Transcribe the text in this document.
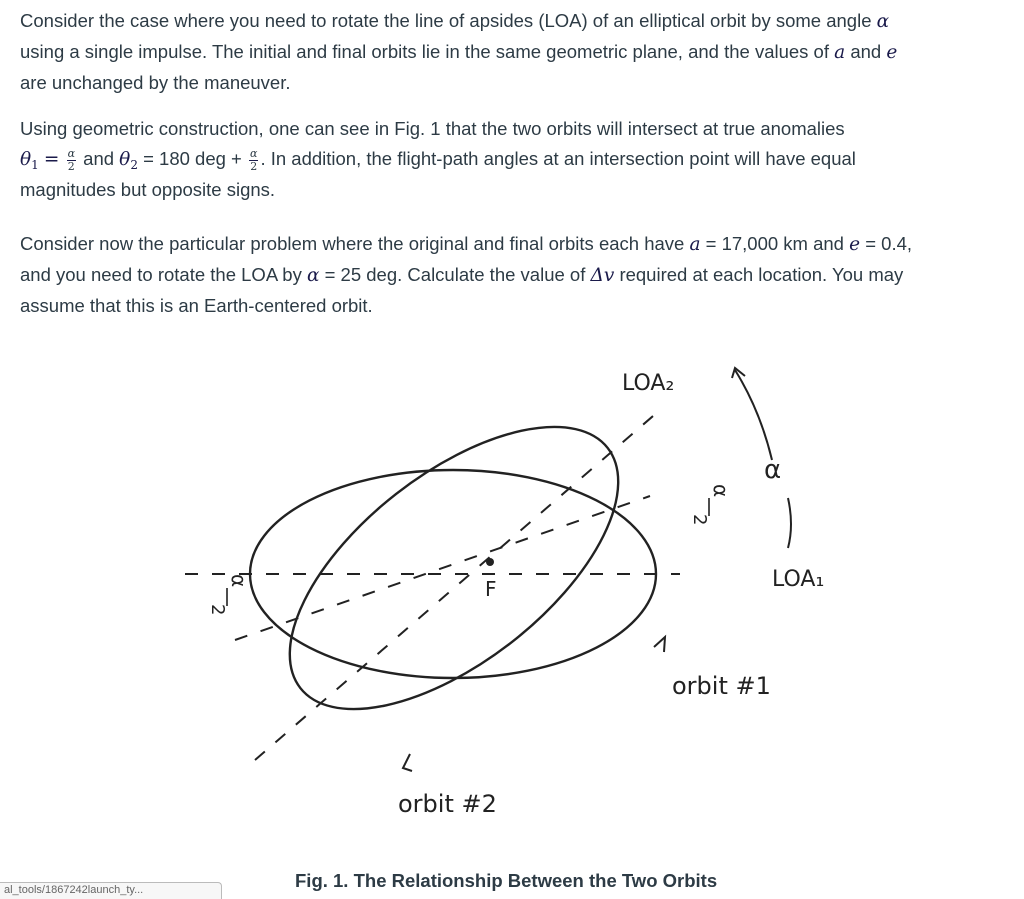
Consider the case where you need to rotate the line of apsides (LOA) of an elliptical orbit by some angle α
using a single impulse. The initial and final orbits lie in the same geometric plane, and the values of a and e
are unchanged by the maneuver.
Using geometric construction, one can see in Fig. 1 that the two orbits will intersect at true anomalies
$\theta_1 = \frac{\alpha}{2}$ and $\theta_2 = 180$ deg + $\frac{\alpha}{2}$ . In addition, the flight-path angles at an intersection point will have equal
magnitudes but opposite signs.
Consider now the particular problem where the original and final orbits each have a = 17,000 km and e = 0.4,
and you need to rotate the LOA by α = 25 deg. Calculate the value of Δv required at each location. You may
assume that this is an Earth-centered orbit.
F
LOA₂
LOA₁
α
α
2
α
2
orbit #1
orbit #2
Fig. 1. The Relationship Between the Two Orbits
al_tools/1867242launch_ty...
